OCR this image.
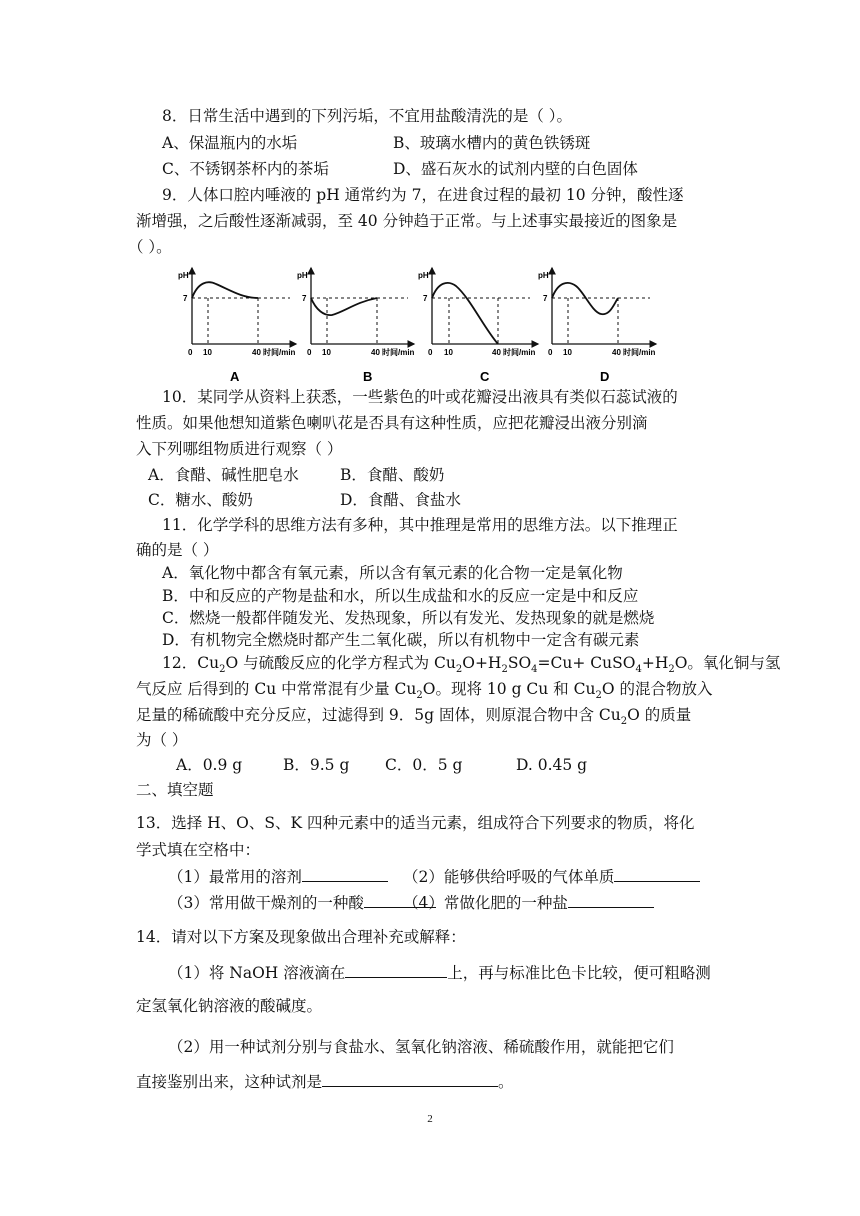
8．日常生活中遇到的下列污垢，不宜用盐酸清洗的是（ ）。
A、保温瓶内的水垢	B、玻璃水槽内的黄色铁锈斑
C、不锈钢茶杯内的茶垢	D、盛石灰水的试剂内壁的白色固体
9．人体口腔内唾液的 pH 通常约为 7，在进食过程的最初 10 分钟，酸性逐
渐增强，之后酸性逐渐减弱，至 40 分钟趋于正常。与上述事实最接近的图象是
（ ）。
pH
7
0 10	40 时间/min
A
pH
7
0 10	40 时间/min
B
pH
7
0 10	40 时间/min
C
pH
7
0 10	40 时间/min
D
10．某同学从资料上获悉，一些紫色的叶或花瓣浸出液具有类似石蕊试液的
性质。如果他想知道紫色喇叭花是否具有这种性质，应把花瓣浸出液分别滴
入下列哪组物质进行观察（ ）
A．食醋、碱性肥皂水	B．食醋、酸奶
C．糖水、酸奶	D．食醋、食盐水
11．化学学科的思维方法有多种，其中推理是常用的思维方法。以下推理正
确的是（ ）
A．氧化物中都含有氧元素，所以含有氧元素的化合物一定是氧化物
B．中和反应的产物是盐和水，所以生成盐和水的反应一定是中和反应
C．燃烧一般都伴随发光、发热现象，所以有发光、发热现象的就是燃烧
D．有机物完全燃烧时都产生二氧化碳，所以有机物中一定含有碳元素
12．$Cu_2O$ 与硫酸反应的化学方程式为 $Cu_2O+H_2SO_4=Cu+$ $CuSO_4+H_2O$。氧化铜与氢
气反应 后得到的 Cu 中常常混有少量 $Cu_2O$。现将 10 g Cu 和 $Cu_2O$ 的混合物放入
足量的稀硫酸中充分反应，过滤得到 9．5g 固体，则原混合物中含 $Cu_2O$ 的质量
为（ ）
A．0.9 g	B．9.5 g C．0．5 g	D. 0.45 g
二、填空题
13．选择 H、O、S、K 四种元素中的适当元素，组成符合下列要求的物质，将化
学式填在空格中：
（1）最常用的溶剂	（2）能够供给呼吸的气体单质
（3）常用做干燥剂的一种酸	（4）常做化肥的一种盐
14．请对以下方案及现象做出合理补充或解释：
（1）将 NaOH 溶液滴在	上，再与标准比色卡比较，便可粗略测
定氢氧化钠溶液的酸碱度。
（2）用一种试剂分别与食盐水、氢氧化钠溶液、稀硫酸作用，就能把它们
直接鉴别出来，这种试剂是	。
2
